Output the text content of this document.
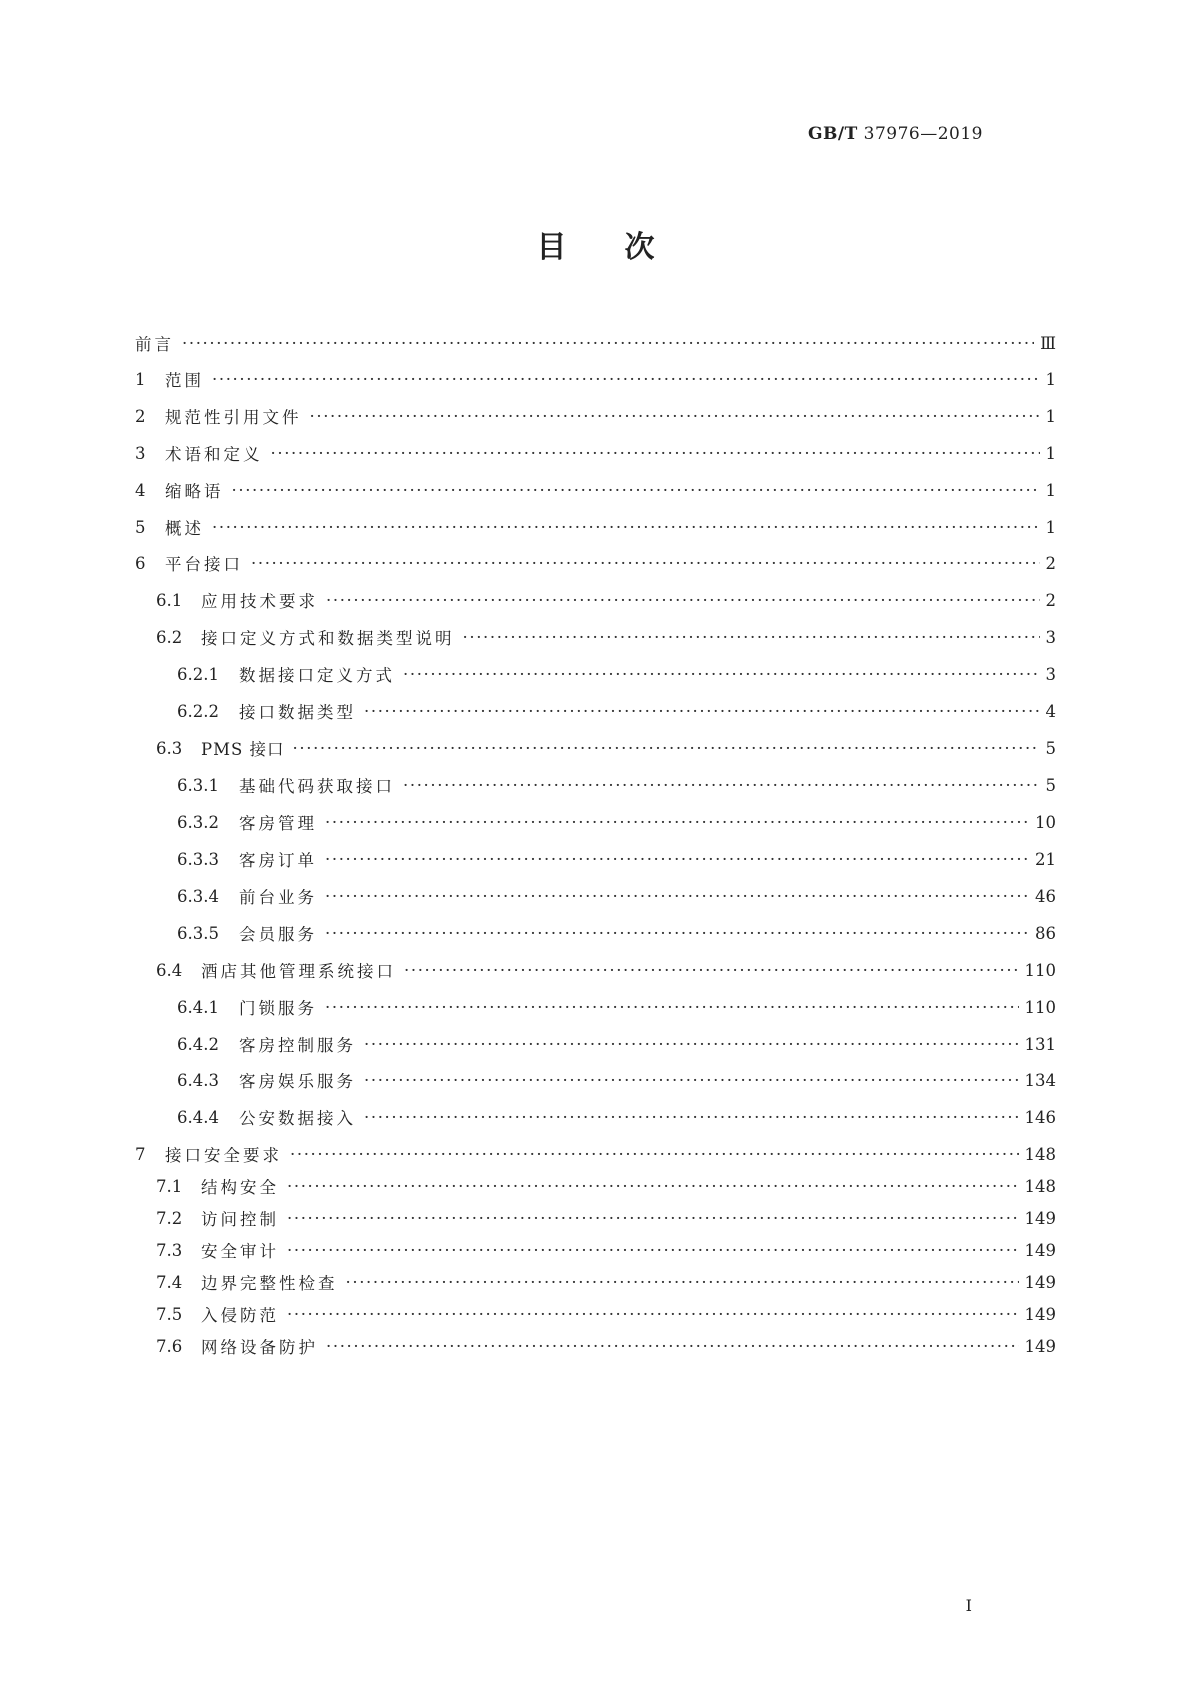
GB/T 37976—2019
目次
前言 ·····	Ⅲ
1	范围 ·····	1
2	规范性引用文件 ·····	1
3	术语和定义 ·····	1
4	缩略语 ·····	1
5	概述 ·····	1
6	平台接口 ·····	2
6.1	应用技术要求 ·····	2
6.2	接口定义方式和数据类型说明 ·····	3
6.2.1	数据接口定义方式 ·····	3
6.2.2	接口数据类型 ·····	4
6.3	PMS 接口 ·····	5
6.3.1	基础代码获取接口 ·····	5
6.3.2	客房管理 ·····	10
6.3.3	客房订单 ·····	21
6.3.4	前台业务 ·····	46
6.3.5	会员服务 ·····	86
6.4	酒店其他管理系统接口 ·····	110
6.4.1	门锁服务 ·····	110
6.4.2	客房控制服务 ·····	131
6.4.3	客房娱乐服务 ·····	134
6.4.4	公安数据接入 ·····	146
7	接口安全要求 ·····	148
7.1	结构安全 ·····	148
7.2	访问控制 ·····	149
7.3	安全审计 ·····	149
7.4	边界完整性检查 ·····	149
7.5	入侵防范 ·····	149
7.6	网络设备防护 ·····	149
I
